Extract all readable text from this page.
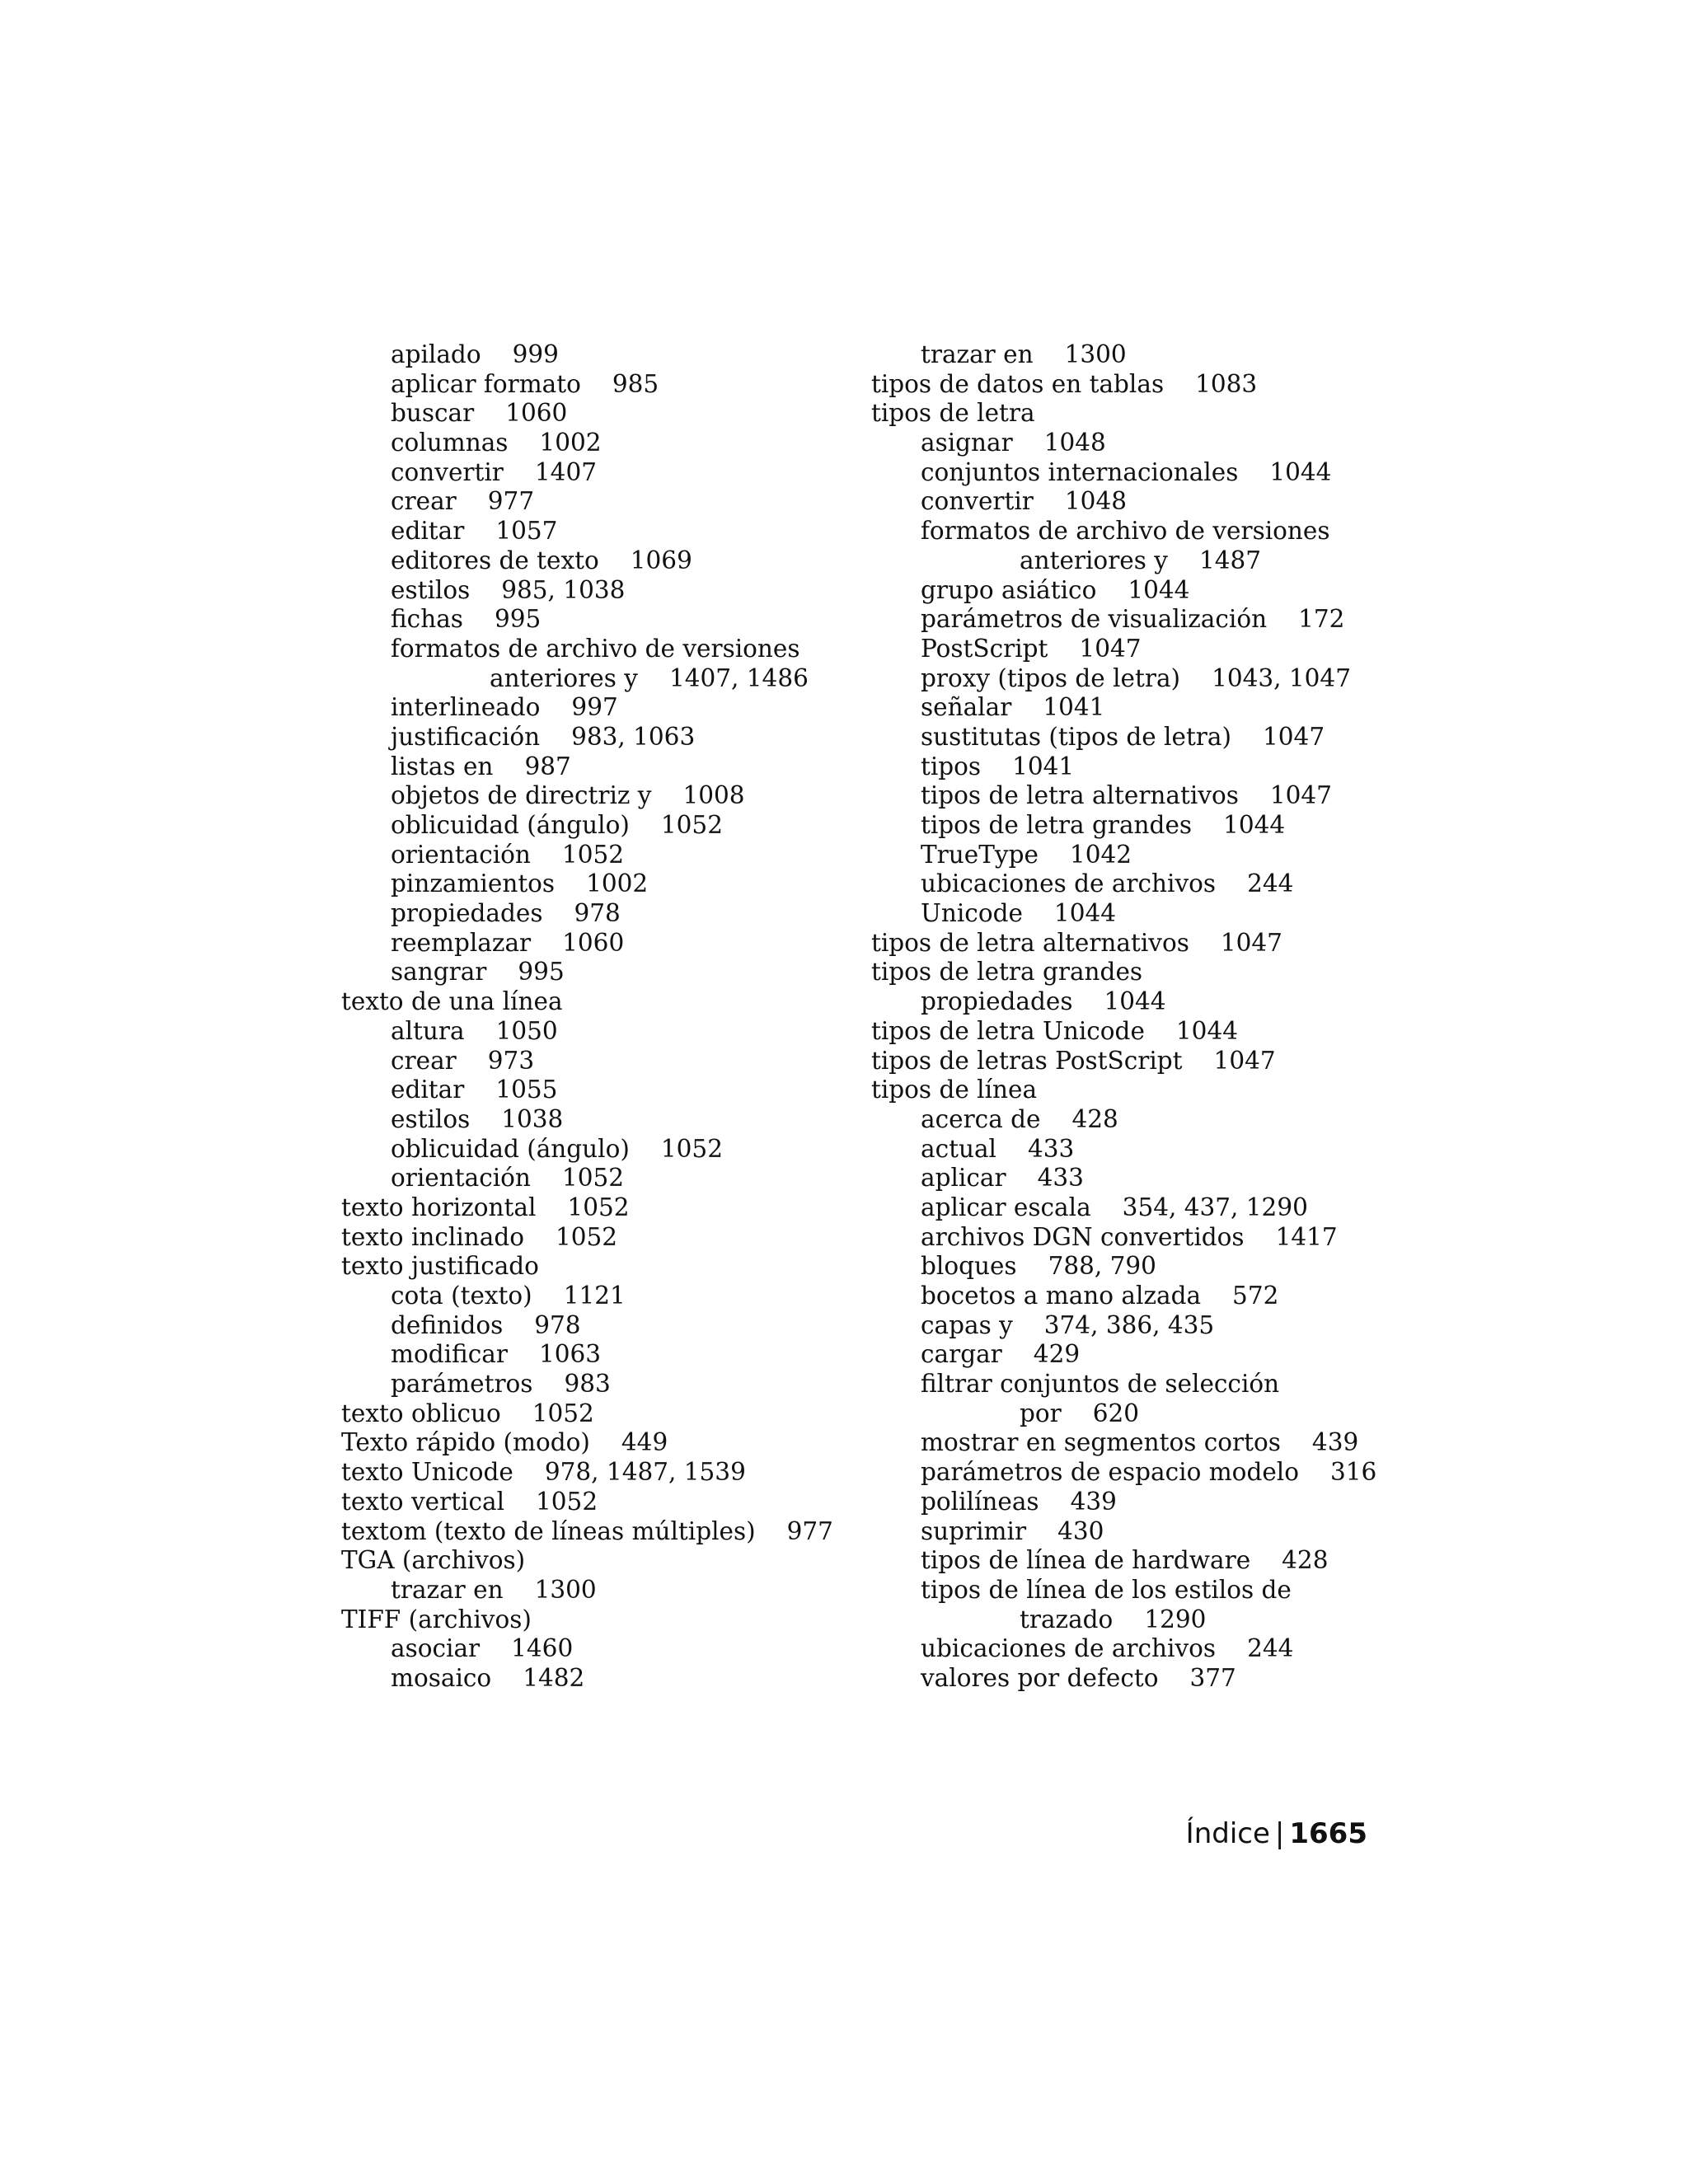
apilado 999
aplicar formato 985
buscar 1060
columnas 1002
convertir 1407
crear 977
editar 1057
editores de texto 1069
estilos 985, 1038
fichas 995
formatos de archivo de versiones
anteriores y 1407, 1486
interlineado 997
justificación 983, 1063
listas en 987
objetos de directriz y 1008
oblicuidad (ángulo) 1052
orientación 1052
pinzamientos 1002
propiedades 978
reemplazar 1060
sangrar 995
texto de una línea
altura 1050
crear 973
editar 1055
estilos 1038
oblicuidad (ángulo) 1052
orientación 1052
texto horizontal 1052
texto inclinado 1052
texto justificado
cota (texto) 1121
definidos 978
modificar 1063
parámetros 983
texto oblicuo 1052
Texto rápido (modo) 449
texto Unicode 978, 1487, 1539
texto vertical 1052
textom (texto de líneas múltiples) 977
TGA (archivos)
trazar en 1300
TIFF (archivos)
asociar 1460
mosaico 1482
trazar en 1300
tipos de datos en tablas 1083
tipos de letra
asignar 1048
conjuntos internacionales 1044
convertir 1048
formatos de archivo de versiones
anteriores y 1487
grupo asiático 1044
parámetros de visualización 172
PostScript 1047
proxy (tipos de letra) 1043, 1047
señalar 1041
sustitutas (tipos de letra) 1047
tipos 1041
tipos de letra alternativos 1047
tipos de letra grandes 1044
TrueType 1042
ubicaciones de archivos 244
Unicode 1044
tipos de letra alternativos 1047
tipos de letra grandes
propiedades 1044
tipos de letra Unicode 1044
tipos de letras PostScript 1047
tipos de línea
acerca de 428
actual 433
aplicar 433
aplicar escala 354, 437, 1290
archivos DGN convertidos 1417
bloques 788, 790
bocetos a mano alzada 572
capas y 374, 386, 435
cargar 429
filtrar conjuntos de selección
por 620
mostrar en segmentos cortos 439
parámetros de espacio modelo 316
polilíneas 439
suprimir 430
tipos de línea de hardware 428
tipos de línea de los estilos de
trazado 1290
ubicaciones de archivos 244
valores por defecto 377
Índice | 1665
